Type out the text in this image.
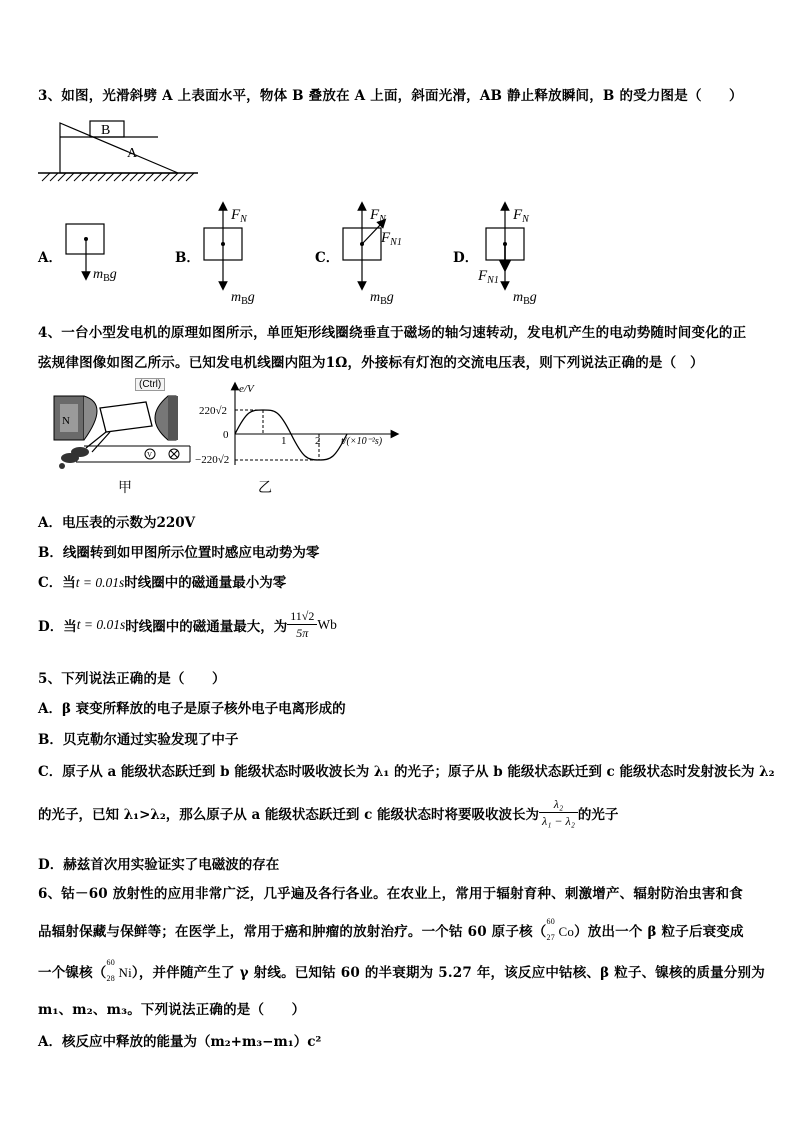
3、如图，光滑斜劈 A 上表面水平，物体 B 叠放在 A 上面，斜面光滑，AB 静止释放瞬间，B 的受力图是（　　）
B
A
A．
$m_Bg$
B．
$F_N$
$m_Bg$
C．
$F_N$
$F_{N1}$
$m_Bg$
D．
$F_N$
$F_{N1}$
$m_Bg$
4、一台小型发电机的原理如图所示，单匝矩形线圈绕垂直于磁场的轴匀速转动，发电机产生的电动势随时间变化的正
弦规律图像如图乙所示。已知发电机线圈内阻为1Ω，外接标有灯泡的交流电压表，则下列说法正确的是（　）
N
V
(Ctrl)	e/V
220√2
0
−220√2
1	2 t/(×10⁻²s)
甲	乙
A．电压表的示数为220V
B．线圈转到如甲图所示位置时感应电动势为零
C．当t = 0.01s时线圈中的磁通量最小为零
D．当 t = 0.01s 时线圈中的磁通量最大，为 $\frac{11√2}{5\pi}$ Wb
5、下列说法正确的是（　　）
A．β 衰变所释放的电子是原子核外电子电离形成的
B．贝克勒尔通过实验发现了中子
C．原子从 a 能级状态跃迁到 b 能级状态时吸收波长为 λ₁ 的光子；原子从 b 能级状态跃迁到 c 能级状态时发射波长为 λ₂
的光子，已知 λ₁>λ₂，那么原子从 a 能级状态跃迁到 c 能级状态时将要吸收波长为 $\frac{\text{λ₂}}{\text{λ₁ − λ₂}}$ 的光子
D．赫兹首次用实验证实了电磁波的存在
6、钴－60 放射性的应用非常广泛，几乎遍及各行各业。在农业上，常用于辐射育种、刺激增产、辐射防治虫害和食
品辐射保藏与保鲜等；在医学上，常用于癌和肿瘤的放射治疗。一个钴 60 原子核（
60
27 Co）放出一个 β 粒子后衰变成
一个镍核（
60
28 Ni），并伴随产生了 γ 射线。已知钴 60 的半衰期为 5.27 年，该反应中钴核、β 粒子、镍核的质量分别为
m₁、m₂、m₃。下列说法正确的是（　　）
A．核反应中释放的能量为（m₂+m₃−m₁）c²
